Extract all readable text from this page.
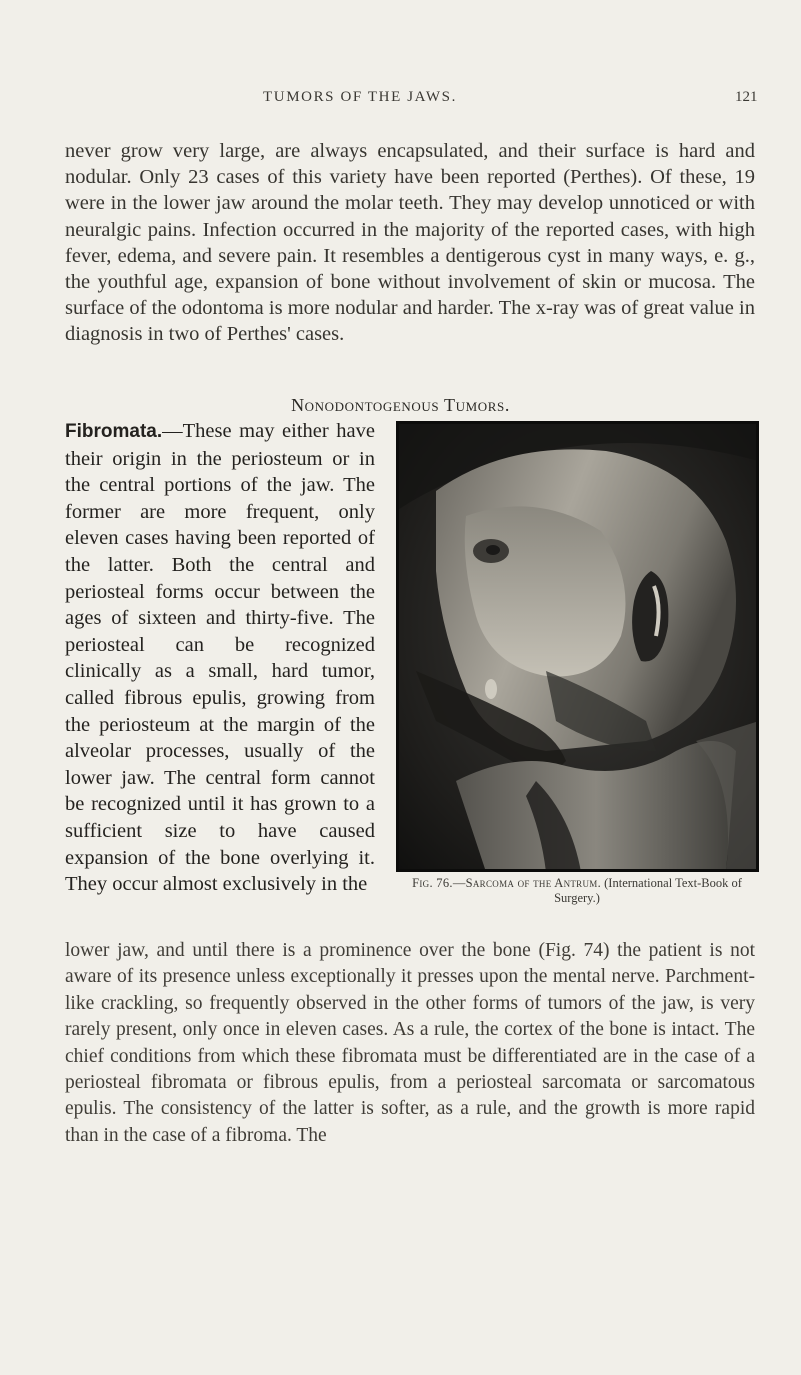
TUMORS OF THE JAWS.	121
never grow very large, are always encapsulated, and their surface is hard and nodular. Only 23 cases of this variety have been reported (Perthes). Of these, 19 were in the lower jaw around the molar teeth. They may develop unnoticed or with neuralgic pains. Infection occurred in the majority of the reported cases, with high fever, edema, and severe pain. It resembles a dentigerous cyst in many ways, e. g., the youthful age, expansion of bone without involvement of skin or mucosa. The surface of the odontoma is more nodular and harder. The x-ray was of great value in diagnosis in two of Perthes' cases.
Nonodontogenous Tumors.
Fig. 76.—Sarcoma of the Antrum. (International Text-Book of Surgery.)
Fibromata.—These may either have their origin in the periosteum or in the central portions of the jaw. The former are more frequent, only eleven cases having been reported of the latter. Both the central and periosteal forms occur between the ages of sixteen and thirty-five. The periosteal can be recognized clinically as a small, hard tumor, called fibrous epulis, growing from the periosteum at the margin of the alveolar processes, usually of the lower jaw. The central form cannot be recognized until it has grown to a sufficient size to have caused expansion of the bone overlying it. They occur almost exclusively in the
lower jaw, and until there is a prominence over the bone (Fig. 74) the patient is not aware of its presence unless exceptionally it presses upon the mental nerve. Parchment-like crackling, so frequently observed in the other forms of tumors of the jaw, is very rarely present, only once in eleven cases. As a rule, the cortex of the bone is intact. The chief conditions from which these fibromata must be differentiated are in the case of a periosteal fibromata or fibrous epulis, from a periosteal sarcomata or sarcomatous epulis. The consistency of the latter is softer, as a rule, and the growth is more rapid than in the case of a fibroma. The
